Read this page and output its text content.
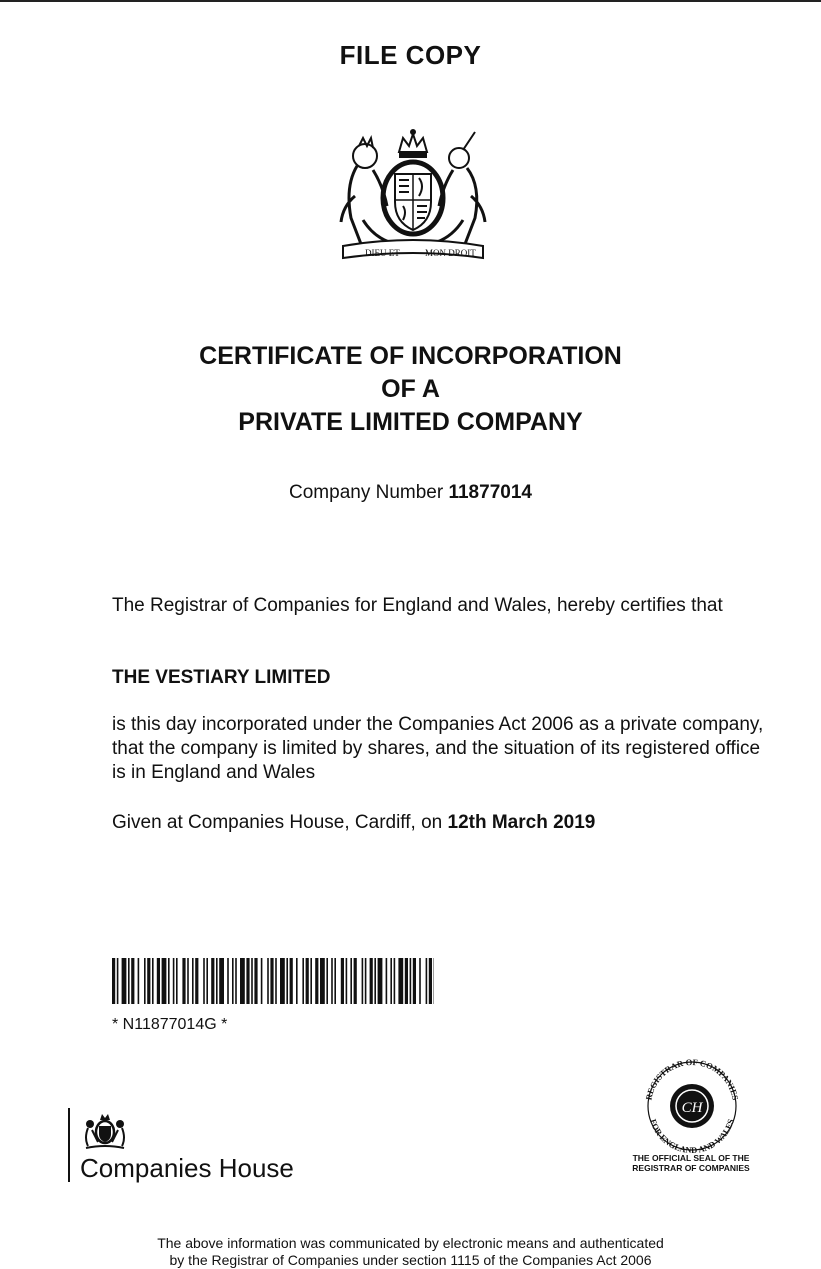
FILE COPY
DIEU ET	MON DROIT
CERTIFICATE OF INCORPORATION
OF A
PRIVATE LIMITED COMPANY
Company Number 11877014
The Registrar of Companies for England and Wales, hereby certifies that
THE VESTIARY LIMITED
is this day incorporated under the Companies Act 2006 as a private company, that the company is limited by shares, and the situation of its registered office is in England and Wales
Given at Companies House, Cardiff, on 12th March 2019
* N11877014G *
REGISTRAR OF COMPANIES
FOR ENGLAND AND WALES
CH
THE OFFICIAL SEAL OF THE
REGISTRAR OF COMPANIES
Companies House
The above information was communicated by electronic means and authenticated
by the Registrar of Companies under section 1115 of the Companies Act 2006
